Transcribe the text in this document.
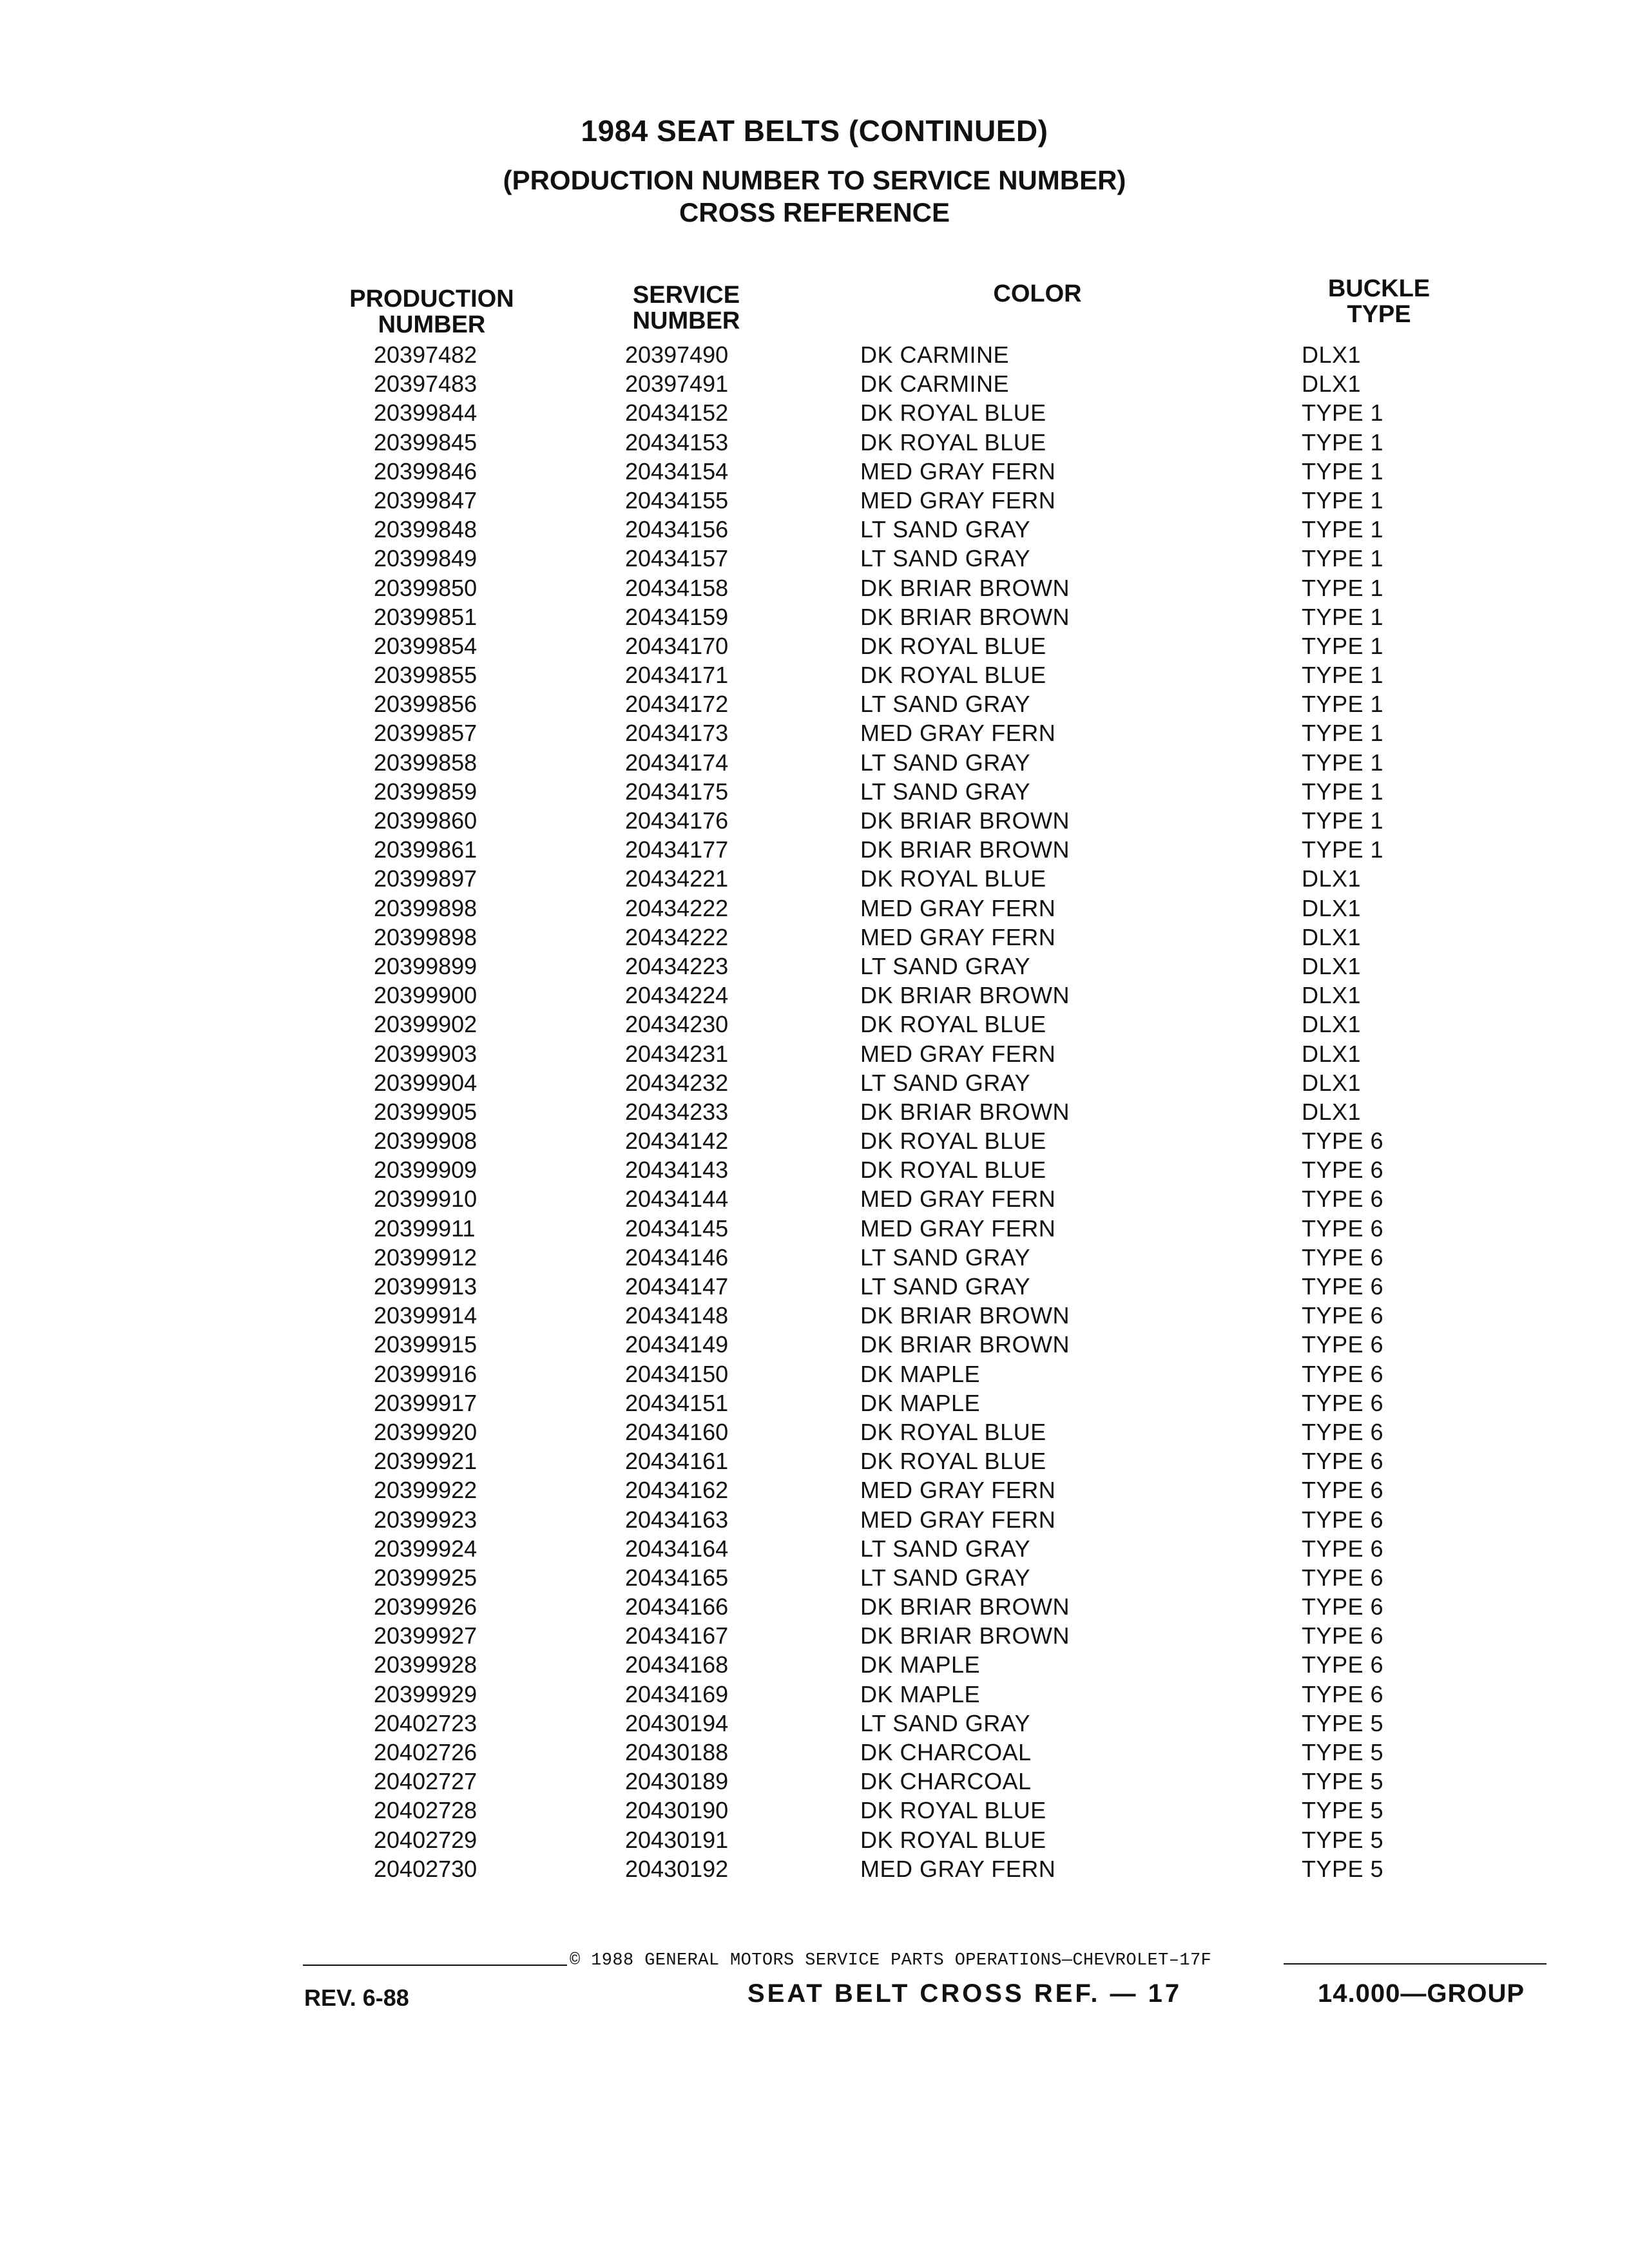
1984 SEAT BELTS (CONTINUED)
(PRODUCTION NUMBER TO SERVICE NUMBER)
CROSS REFERENCE
PRODUCTION
NUMBER
SERVICE
NUMBER
COLOR	BUCKLE
TYPE
20397482	20397490	DK CARMINE	DLX1
20397483	20397491	DK CARMINE	DLX1
20399844	20434152	DK ROYAL BLUE	TYPE 1
20399845	20434153	DK ROYAL BLUE	TYPE 1
20399846	20434154	MED GRAY FERN	TYPE 1
20399847	20434155	MED GRAY FERN	TYPE 1
20399848	20434156	LT SAND GRAY	TYPE 1
20399849	20434157	LT SAND GRAY	TYPE 1
20399850	20434158	DK BRIAR BROWN	TYPE 1
20399851	20434159	DK BRIAR BROWN	TYPE 1
20399854	20434170	DK ROYAL BLUE	TYPE 1
20399855	20434171	DK ROYAL BLUE	TYPE 1
20399856	20434172	LT SAND GRAY	TYPE 1
20399857	20434173	MED GRAY FERN	TYPE 1
20399858	20434174	LT SAND GRAY	TYPE 1
20399859	20434175	LT SAND GRAY	TYPE 1
20399860	20434176	DK BRIAR BROWN	TYPE 1
20399861	20434177	DK BRIAR BROWN	TYPE 1
20399897	20434221	DK ROYAL BLUE	DLX1
20399898	20434222	MED GRAY FERN	DLX1
20399898	20434222	MED GRAY FERN	DLX1
20399899	20434223	LT SAND GRAY	DLX1
20399900	20434224	DK BRIAR BROWN	DLX1
20399902	20434230	DK ROYAL BLUE	DLX1
20399903	20434231	MED GRAY FERN	DLX1
20399904	20434232	LT SAND GRAY	DLX1
20399905	20434233	DK BRIAR BROWN	DLX1
20399908	20434142	DK ROYAL BLUE	TYPE 6
20399909	20434143	DK ROYAL BLUE	TYPE 6
20399910	20434144	MED GRAY FERN	TYPE 6
20399911	20434145	MED GRAY FERN	TYPE 6
20399912	20434146	LT SAND GRAY	TYPE 6
20399913	20434147	LT SAND GRAY	TYPE 6
20399914	20434148	DK BRIAR BROWN	TYPE 6
20399915	20434149	DK BRIAR BROWN	TYPE 6
20399916	20434150	DK MAPLE	TYPE 6
20399917	20434151	DK MAPLE	TYPE 6
20399920	20434160	DK ROYAL BLUE	TYPE 6
20399921	20434161	DK ROYAL BLUE	TYPE 6
20399922	20434162	MED GRAY FERN	TYPE 6
20399923	20434163	MED GRAY FERN	TYPE 6
20399924	20434164	LT SAND GRAY	TYPE 6
20399925	20434165	LT SAND GRAY	TYPE 6
20399926	20434166	DK BRIAR BROWN	TYPE 6
20399927	20434167	DK BRIAR BROWN	TYPE 6
20399928	20434168	DK MAPLE	TYPE 6
20399929	20434169	DK MAPLE	TYPE 6
20402723	20430194	LT SAND GRAY	TYPE 5
20402726	20430188	DK CHARCOAL	TYPE 5
20402727	20430189	DK CHARCOAL	TYPE 5
20402728	20430190	DK ROYAL BLUE	TYPE 5
20402729	20430191	DK ROYAL BLUE	TYPE 5
20402730	20430192	MED GRAY FERN	TYPE 5
© 1988 GENERAL MOTORS SERVICE PARTS OPERATIONS—CHEVROLET–17F
REV. 6-88	SEAT BELT CROSS REF. — 17	14.000—GROUP
